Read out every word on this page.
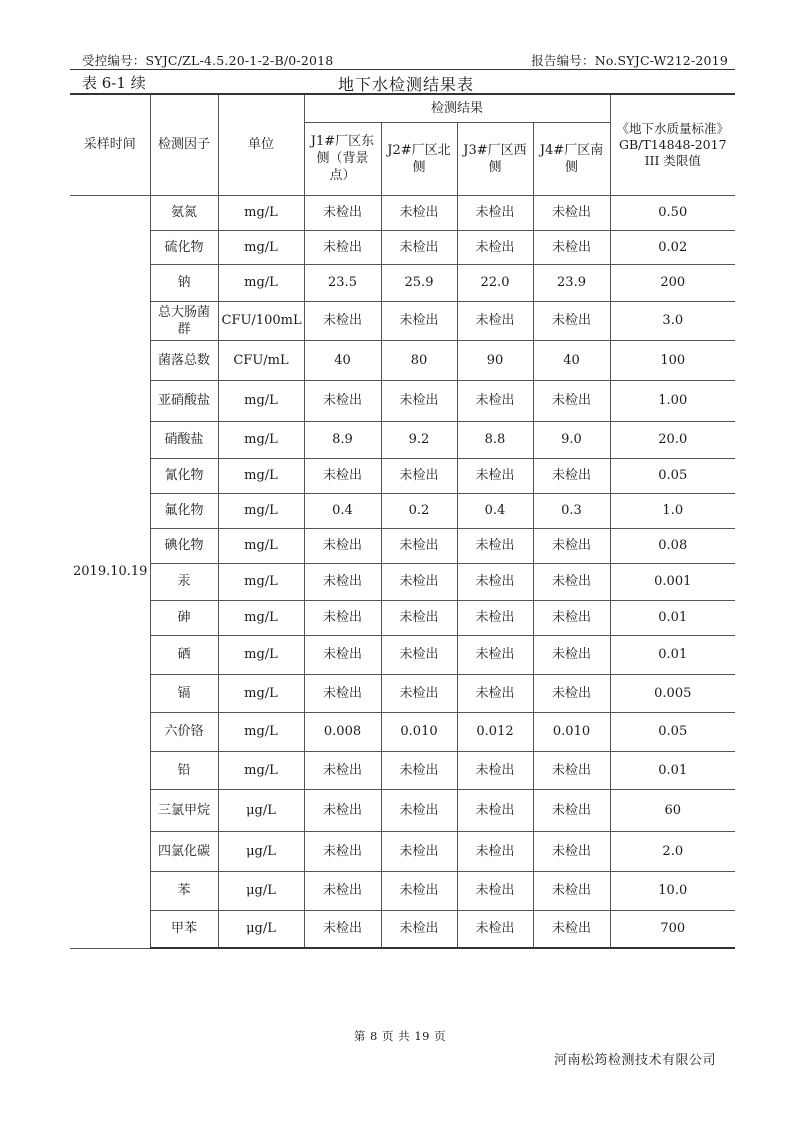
受控编号：SYJC/ZL-4.5.20-1-2-B/0-2018	报告编号：No.SYJC-W212-2019
表 6-1 续	地下水检测结果表
采样时间	检测因子	单位	检测结果				《地下水质量标准》GB/T14848-2017 III 类限值
			J1#厂区东侧（背景点）	J2#厂区北侧	J3#厂区西侧	J4#厂区南侧	
2019.10.19	氨氮	mg/L	未检出	未检出	未检出	未检出	0.50
	硫化物	mg/L	未检出	未检出	未检出	未检出	0.02
	钠	mg/L	23.5	25.9	22.0	23.9	200
	总大肠菌群	CFU/100mL	未检出	未检出	未检出	未检出	3.0
	菌落总数	CFU/mL	40	80	90	40	100
	亚硝酸盐	mg/L	未检出	未检出	未检出	未检出	1.00
	硝酸盐	mg/L	8.9	9.2	8.8	9.0	20.0
	氰化物	mg/L	未检出	未检出	未检出	未检出	0.05
	氟化物	mg/L	0.4	0.2	0.4	0.3	1.0
	碘化物	mg/L	未检出	未检出	未检出	未检出	0.08
	汞	mg/L	未检出	未检出	未检出	未检出	0.001
	砷	mg/L	未检出	未检出	未检出	未检出	0.01
	硒	mg/L	未检出	未检出	未检出	未检出	0.01
	镉	mg/L	未检出	未检出	未检出	未检出	0.005
	六价铬	mg/L	0.008	0.010	0.012	0.010	0.05
	铅	mg/L	未检出	未检出	未检出	未检出	0.01
	三氯甲烷	μg/L	未检出	未检出	未检出	未检出	60
	四氯化碳	μg/L	未检出	未检出	未检出	未检出	2.0
	苯	μg/L	未检出	未检出	未检出	未检出	10.0
	甲苯	μg/L	未检出	未检出	未检出	未检出	700
第 8 页 共 19 页
河南松筠检测技术有限公司
